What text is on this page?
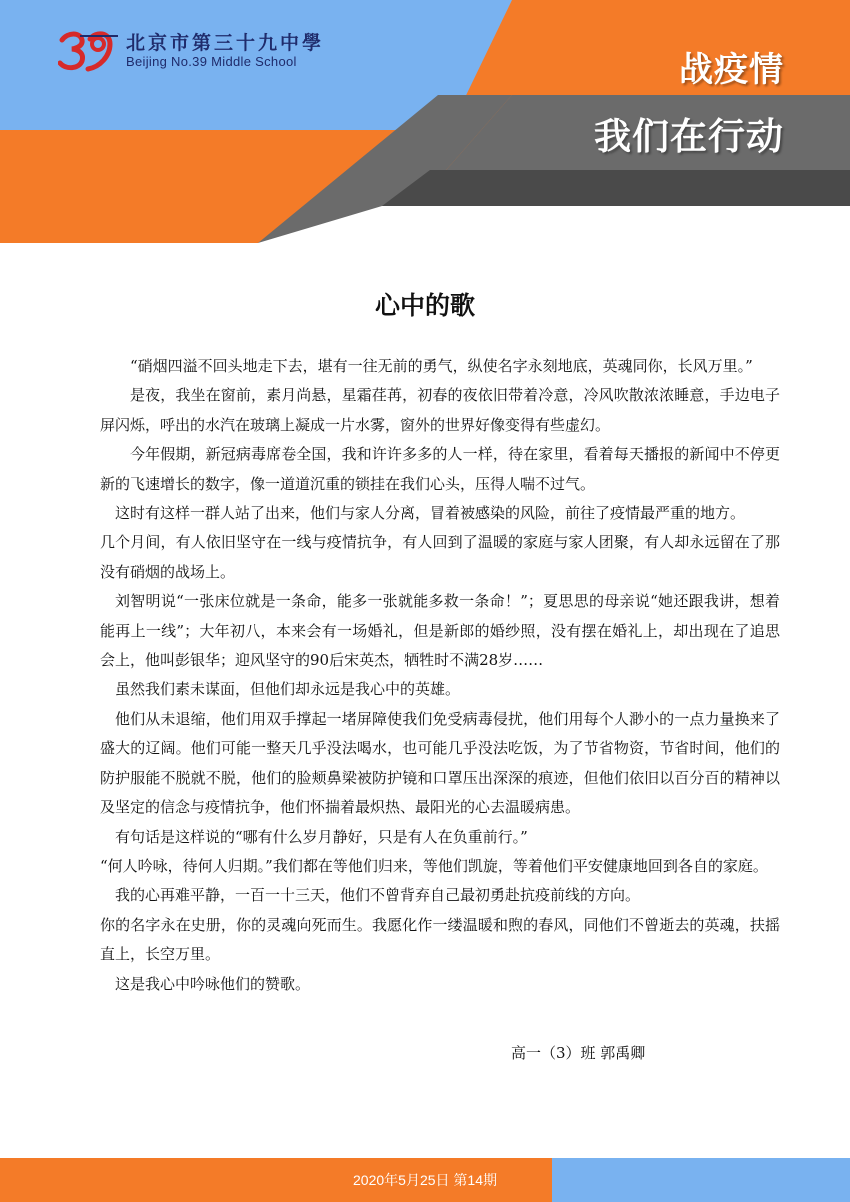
北京市第三十九中學
Beijing No.39 Middle School	战疫情
我们在行动
心中的歌

“硝烟四溢不回头地走下去，堪有一往无前的勇气，纵使名字永刻地底，英魂同你，长风万里。”

是夜，我坐在窗前，素月尚悬，星霜荏苒，初春的夜依旧带着冷意，冷风吹散浓浓睡意，手边电子屏闪烁，呼出的水汽在玻璃上凝成一片水雾，窗外的世界好像变得有些虚幻。

今年假期，新冠病毒席卷全国，我和许许多多的人一样，待在家里，看着每天播报的新闻中不停更新的飞速增长的数字，像一道道沉重的锁挂在我们心头，压得人喘不过气。

这时有这样一群人站了出来，他们与家人分离，冒着被感染的风险，前往了疫情最严重的地方。

几个月间，有人依旧坚守在一线与疫情抗争，有人回到了温暖的家庭与家人团聚，有人却永远留在了那没有硝烟的战场上。

刘智明说“一张床位就是一条命，能多一张就能多救一条命！”；夏思思的母亲说“她还跟我讲，想着能再上一线”；大年初八，本来会有一场婚礼，但是新郎的婚纱照，没有摆在婚礼上，却出现在了追思会上，他叫彭银华；迎风坚守的90后宋英杰，牺牲时不满28岁……

虽然我们素未谋面，但他们却永远是我心中的英雄。

他们从未退缩，他们用双手撑起一堵屏障使我们免受病毒侵扰，他们用每个人渺小的一点力量换来了盛大的辽阔。他们可能一整天几乎没法喝水，也可能几乎没法吃饭，为了节省物资，节省时间，他们的防护服能不脱就不脱，他们的脸颊鼻梁被防护镜和口罩压出深深的痕迹，但他们依旧以百分百的精神以及坚定的信念与疫情抗争，他们怀揣着最炽热、最阳光的心去温暖病患。

有句话是这样说的“哪有什么岁月静好，只是有人在负重前行。”

“何人吟咏，待何人归期。”我们都在等他们归来，等他们凯旋，等着他们平安健康地回到各自的家庭。

我的心再难平静，一百一十三天，他们不曾背弃自己最初勇赴抗疫前线的方向。

你的名字永在史册，你的灵魂向死而生。我愿化作一缕温暖和煦的春风，同他们不曾逝去的英魂，扶摇直上，长空万里。

这是我心中吟咏他们的赞歌。

高一（3）班 郭禹卿
2020年5月25日 第14期
